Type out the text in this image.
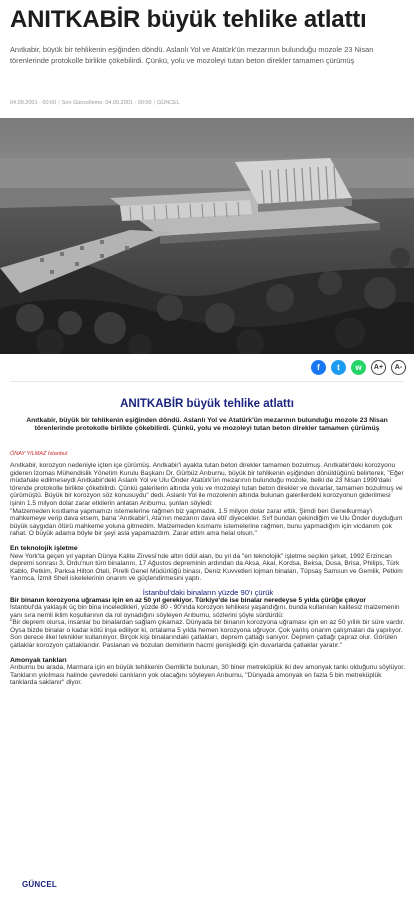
ANITKABİR büyük tehlike atlattı

Anıtkabir, büyük bir tehlikenin eşiğinden döndü. Aslanlı Yol ve Atatürk'ün mezarının bulunduğu mozole 23 Nisan törenlerinde protokolle birlikte çökebilirdi. Çünkü, yolu ve mozoleyi tutan beton direkler tamamen çürümüş

04.09.2001 - 00:00 | Son Güncelleme: 04.09.2001 - 00:00 | GÜNCEL
f t w A+ A-
ANITKABİR büyük tehlike atlattı

Anıtkabir, büyük bir tehlikenin eşiğinden döndü. Aslanlı Yol ve Atatürk'ün mezarının bulunduğu mozole 23 Nisan törenlerinde protokolle birlikte çökebilirdi. Çünkü, yolu ve mozoleyi tutan beton direkler tamamen çürümüş

ÖNAY YILMAZ İstanbul

Anıtkabir, korozyon nedeniyle içten içe çürümüş. Anıtkabir'i ayakta tutan beton direkler tamamen bozulmuş. Anıtkabir'deki korozyonu gideren İzomas Mühendislik Yönetim Kurulu Başkanı Dr. Gürbüz Arıburnu, büyük bir tehlikenin eşiğinden dönüldüğünü belirterek, "Eğer müdahale edilmeseydi Anıtkabir'deki Aslanlı Yol ve Ulu Önder Atatürk'ün mezarının bulunduğu mozole, belki de 23 Nisan 1999'daki törende protokolle birlikte çökebilirdi. Çünkü galerilerin altında yolu ve mozoleyi tutan beton direkler ve duvarlar, tamamen bozulmuş ve çürümüştü. Büyük bir korozyon söz konusuydu" dedi. Aslanlı Yol ile mozolenin altında bulunan galerilerdeki korozyonun giderilmesi işinin 1.5 milyon dolar zarar etkilerin anlatan Arıburnu, şunları söyledi:

"Malzemeden kısıtlama yapmamızı istemelerine rağmen biz yapmadık. 1.5 milyon dolar zarar ettik. Şimdi ben Genelkurmay'ı mahkemeye verip dava etsem, bana 'Anıtkabir'i, Ata'nın mezarını dava etti' diyecekler. Sırf bundan çekindiğim ve Ulu Önder duyduğum büyük saygıdan ötürü mahkeme yoluna gitmedim. Malzemeden kısmamı istemelerine rağmen, bunu yapmadığım için vicdanım çok rahat. O büyük adama böyle bir şeyi asla yapamazdım. Zarar ettim ama helal olsun."

En teknolojik işletme

New York'ta geçen yıl yapılan Dünya Kalite Zirvesi'nde altın ödül alan, bu yıl da "en teknolojik" işletme seçilen şirket, 1992 Erzincan depremi sonrası 3. Ordu'nun tüm binalarını, 17 Ağustos depreminin ardından da Aksa, Akal, Kordsa, Beksa, Dusa, Brisa, Philips, Türk Kablo, Petkim, Parksa Hilton Oteli, Pirelli Genel Müdürlüğü binası, Deniz Kuvvetleri lojman binaları, Tüpsaş Samsun ve Gemlik, Petkim Yarımca, İzmit Shell iskelelerinin onarım ve güçlendirmesini yaptı.

İstanbul'daki binaların yüzde 90'ı çürük

Bir binanın korozyona uğraması için en az 50 yıl gerekiyor. Türkiye'de ise binalar neredeyse 5 yılda çürüğe çıkıyor

İstanbul'da yaklaşık üç bin bina inceledikleri, yüzde 80 - 90'ında korozyon tehlikesi yaşandığını, bunda kullanılan kalitesiz malzemenin yanı sıra nemli iklim koşullarının da rol oynadığını söyleyen Arıburnu, sözlerini şöyle sürdürdü:

"Bir deprem olursa, insanlar bu binalardan sağlam çıkamaz. Dünyada bir binanın korozyona uğraması için en az 50 yıllık bir süre vardır. Oysa bizde binalar o kadar kötü inşa ediliyor ki, ortalama 5 yılda hemen korozyona uğruyor. Çok yanlış onarım çalışmaları da yapılıyor. Son derece ilkel teknikler kullanılıyor. Birçok kişi binalarındaki çatlakları, deprem çatlağı sanıyor. Deprem çatlağı çapraz olur. Görülen çatlaklar korozyon çatlaklarıdır. Paslanan ve bozulan demirlerin hacmi genişlediği için duvarlarda çatlaklar yaratır."

Amonyak tankları

Arıburnu bu arada, Marmara için en büyük tehlikenin Gemlik'te bulunan, 30 biner metreküplük iki dev amonyak tankı olduğunu söylüyor. Tankların yıkılması halinde çevredeki canlıların yok olacağını söyleyen Arıburnu, "Dünyada amonyak en fazla 5 bin metreküplük tanklarda saklanır" diyor.

GÜNCEL
